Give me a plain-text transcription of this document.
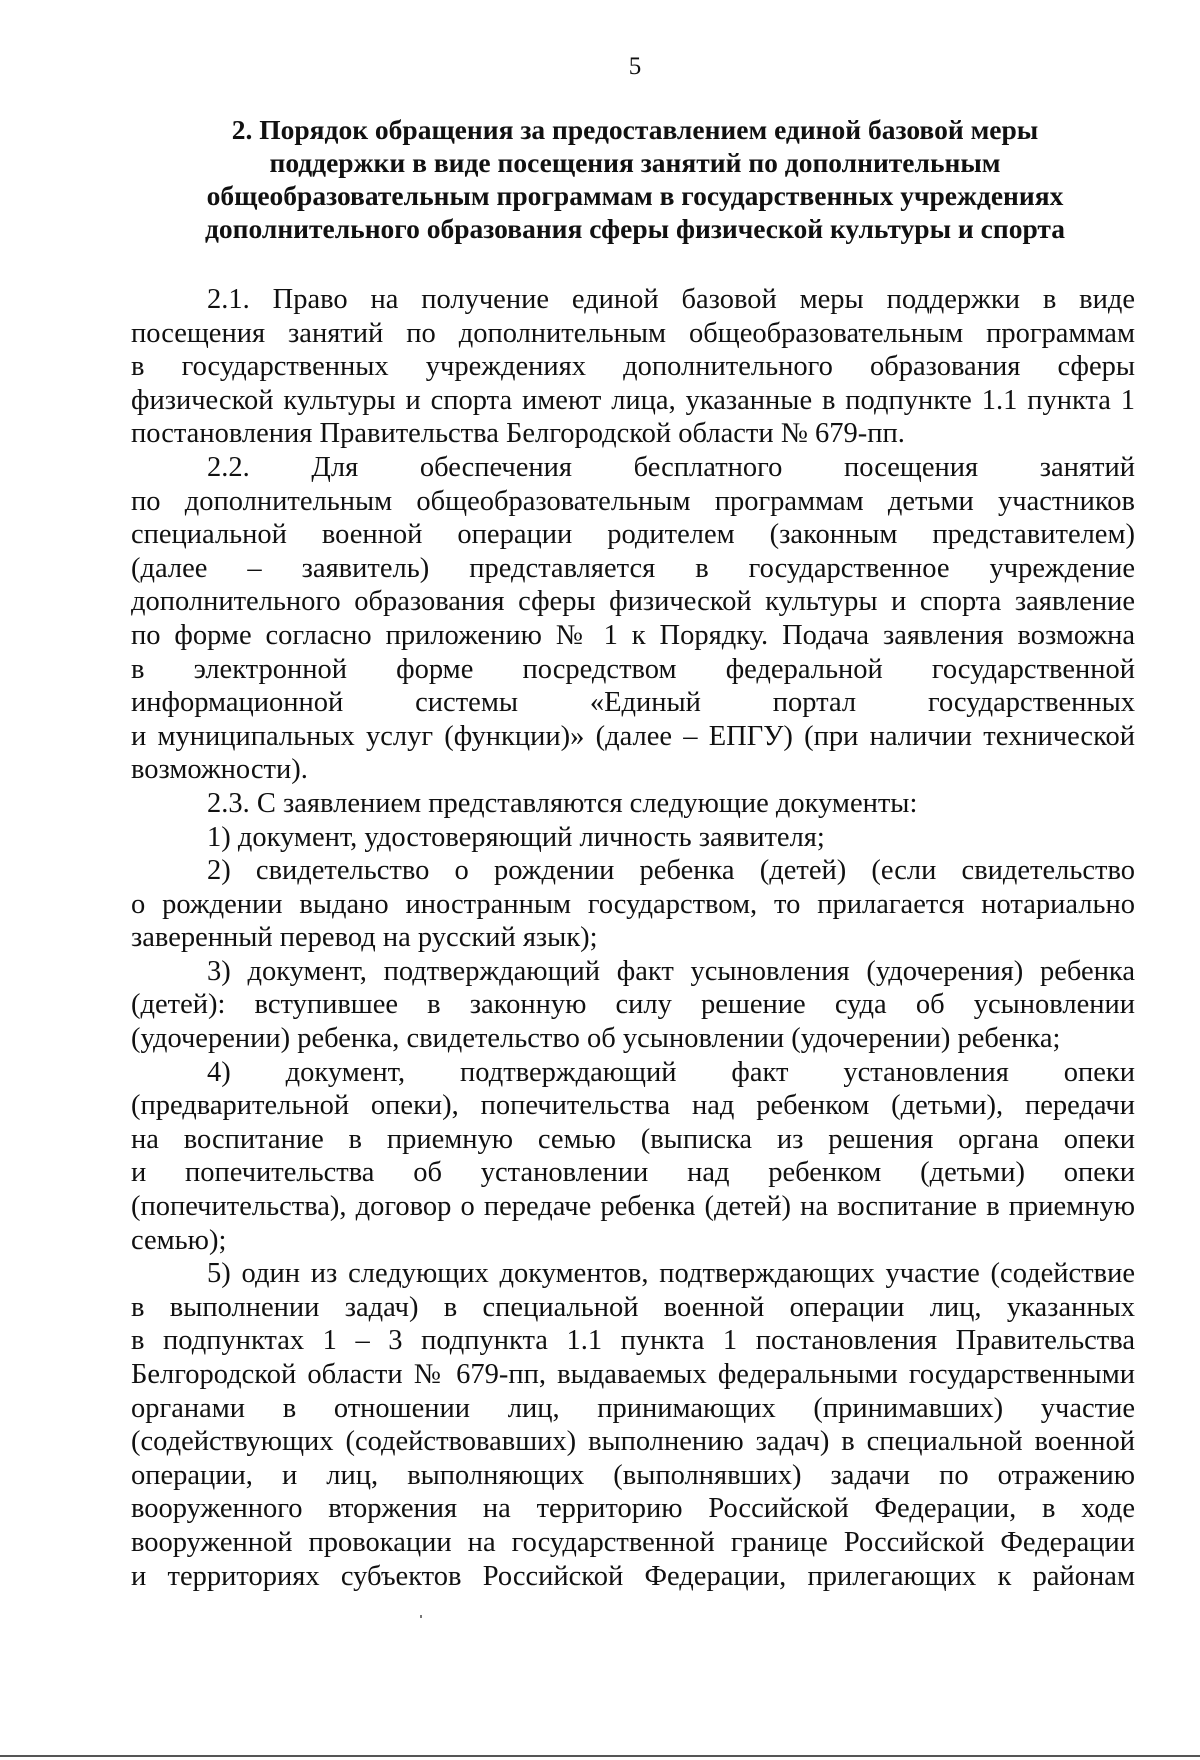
5
2. Порядок обращения за предоставлением единой базовой меры
поддержки в виде посещения занятий по дополнительным
общеобразовательным программам в государственных учреждениях
дополнительного образования сферы физической культуры и спорта
2.1. Право на получение единой базовой меры поддержки в виде
посещения занятий по дополнительным общеобразовательным программам
в государственных учреждениях дополнительного образования сферы
физической культуры и спорта имеют лица, указанные в подпункте 1.1 пункта 1
постановления Правительства Белгородской области № 679-пп.
2.2. Для обеспечения бесплатного посещения занятий
по дополнительным общеобразовательным программам детьми участников
специальной военной операции родителем (законным представителем)
(далее – заявитель) представляется в государственное учреждение
дополнительного образования сферы физической культуры и спорта заявление
по форме согласно приложению № 1 к Порядку. Подача заявления возможна
в электронной форме посредством федеральной государственной
информационной системы «Единый портал государственных
и муниципальных услуг (функции)» (далее – ЕПГУ) (при наличии технической
возможности).
2.3. С заявлением представляются следующие документы:
1) документ, удостоверяющий личность заявителя;
2) свидетельство о рождении ребенка (детей) (если свидетельство
о рождении выдано иностранным государством, то прилагается нотариально
заверенный перевод на русский язык);
3) документ, подтверждающий факт усыновления (удочерения) ребенка
(детей): вступившее в законную силу решение суда об усыновлении
(удочерении) ребенка, свидетельство об усыновлении (удочерении) ребенка;
4) документ, подтверждающий факт установления опеки
(предварительной опеки), попечительства над ребенком (детьми), передачи
на воспитание в приемную семью (выписка из решения органа опеки
и попечительства об установлении над ребенком (детьми) опеки
(попечительства), договор о передаче ребенка (детей) на воспитание в приемную
семью);
5) один из следующих документов, подтверждающих участие (содействие
в выполнении задач) в специальной военной операции лиц, указанных
в подпунктах 1 – 3 подпункта 1.1 пункта 1 постановления Правительства
Белгородской области № 679-пп, выдаваемых федеральными государственными
органами в отношении лиц, принимающих (принимавших) участие
(содействующих (содействовавших) выполнению задач) в специальной военной
операции, и лиц, выполняющих (выполнявших) задачи по отражению
вооруженного вторжения на территорию Российской Федерации, в ходе
вооруженной провокации на государственной границе Российской Федерации
и территориях субъектов Российской Федерации, прилегающих к районам
